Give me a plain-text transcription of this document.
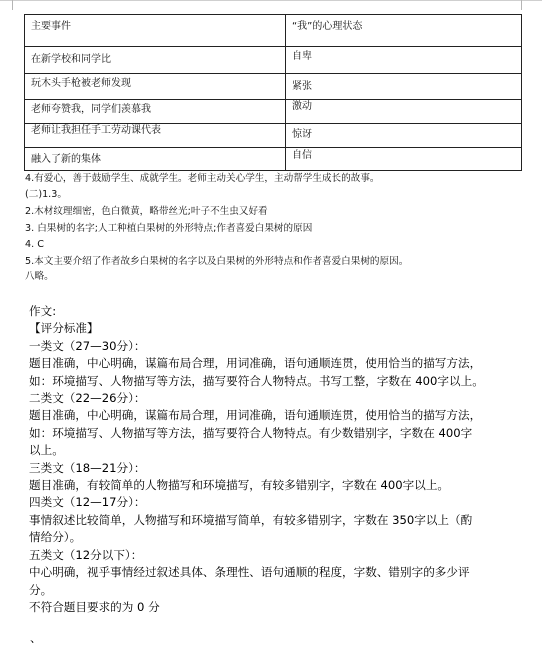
主要事件	“我”的心理状态

在新学校和同学比	自卑

玩木头手枪被老师发现	紧张

老师夸赞我，同学们羡慕我	激动

老师让我担任手工劳动课代表	惊讶

融入了新的集体	自信
4.有爱心，善于鼓励学生、成就学生。老师主动关心学生，主动帮学生成长的故事。
(二)1.3。
2.木材纹理细密，色白微黄，略带丝光;叶子不生虫又好看
3. 白果树的名字;人工种植白果树的外形特点;作者喜爱白果树的原因
4. C
5.本文主要介绍了作者故乡白果树的名字以及白果树的外形特点和作者喜爱白果树的原因。
八略。
作文:
【评分标准】
一类文（27—30分）：
题目准确，中心明确，谋篇布局合理，用词准确，语句通顺连贯，使用恰当的描写方法，
如：环境描写、人物描写等方法，描写要符合人物特点。书写工整，字数在 400字以上。
二类文（22—26分）：
题目准确，中心明确，谋篇布局合理，用词准确，语句通顺连贯，使用恰当的描写方法，
如：环境描写、人物描写等方法，描写要符合人物特点。有少数错别字，字数在 400字
以上。
三类文（18—21分）：
题目准确，有较简单的人物描写和环境描写，有较多错别字，字数在 400字以上。
四类文（12—17分）：
事情叙述比较简单，人物描写和环境描写简单，有较多错别字，字数在 350字以上（酌
情给分）。
五类文（12分以下）：
中心明确，视乎事情经过叙述具体、条理性、语句通顺的程度，字数、错别字的多少评
分。
不符合题目要求的为 0 分
、
